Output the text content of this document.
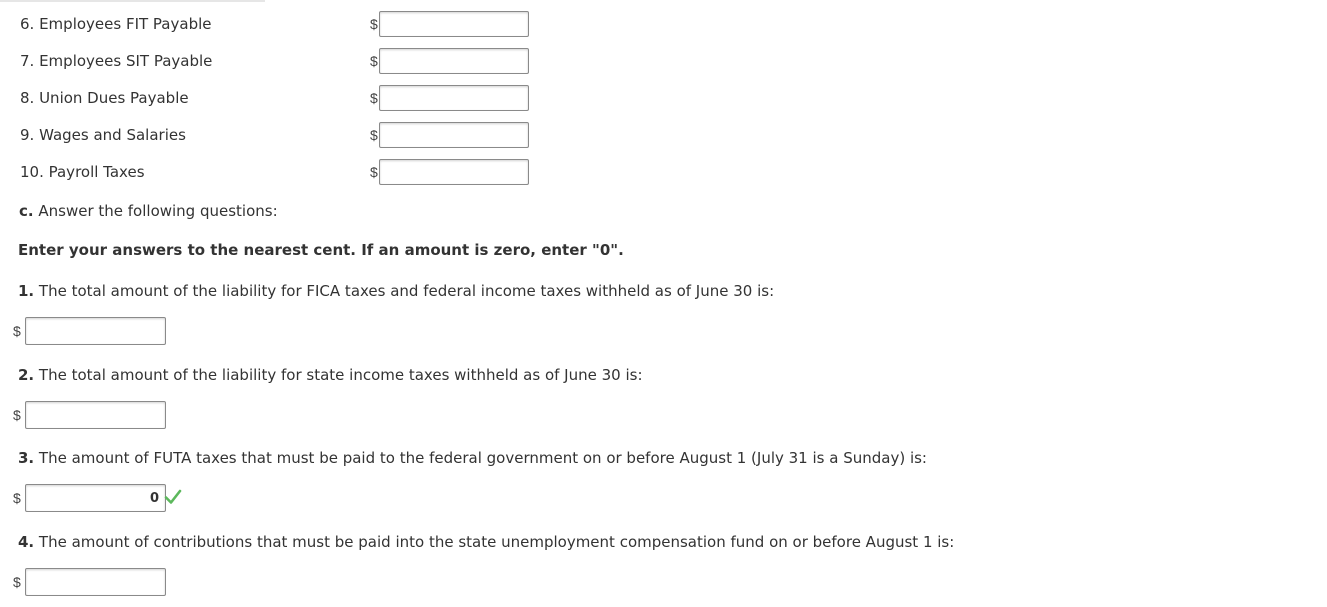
6. Employees FIT Payable	$
7. Employees SIT Payable	$
8. Union Dues Payable	$
9. Wages and Salaries	$
10. Payroll Taxes	$
c. Answer the following questions:
Enter your answers to the nearest cent. If an amount is zero, enter "0".
1. The total amount of the liability for FICA taxes and federal income taxes withheld as of June 30 is:
$
2. The total amount of the liability for state income taxes withheld as of June 30 is:
$
3. The amount of FUTA taxes that must be paid to the federal government on or before August 1 (July 31 is a Sunday) is:
$
0
4. The amount of contributions that must be paid into the state unemployment compensation fund on or before August 1 is:
$
